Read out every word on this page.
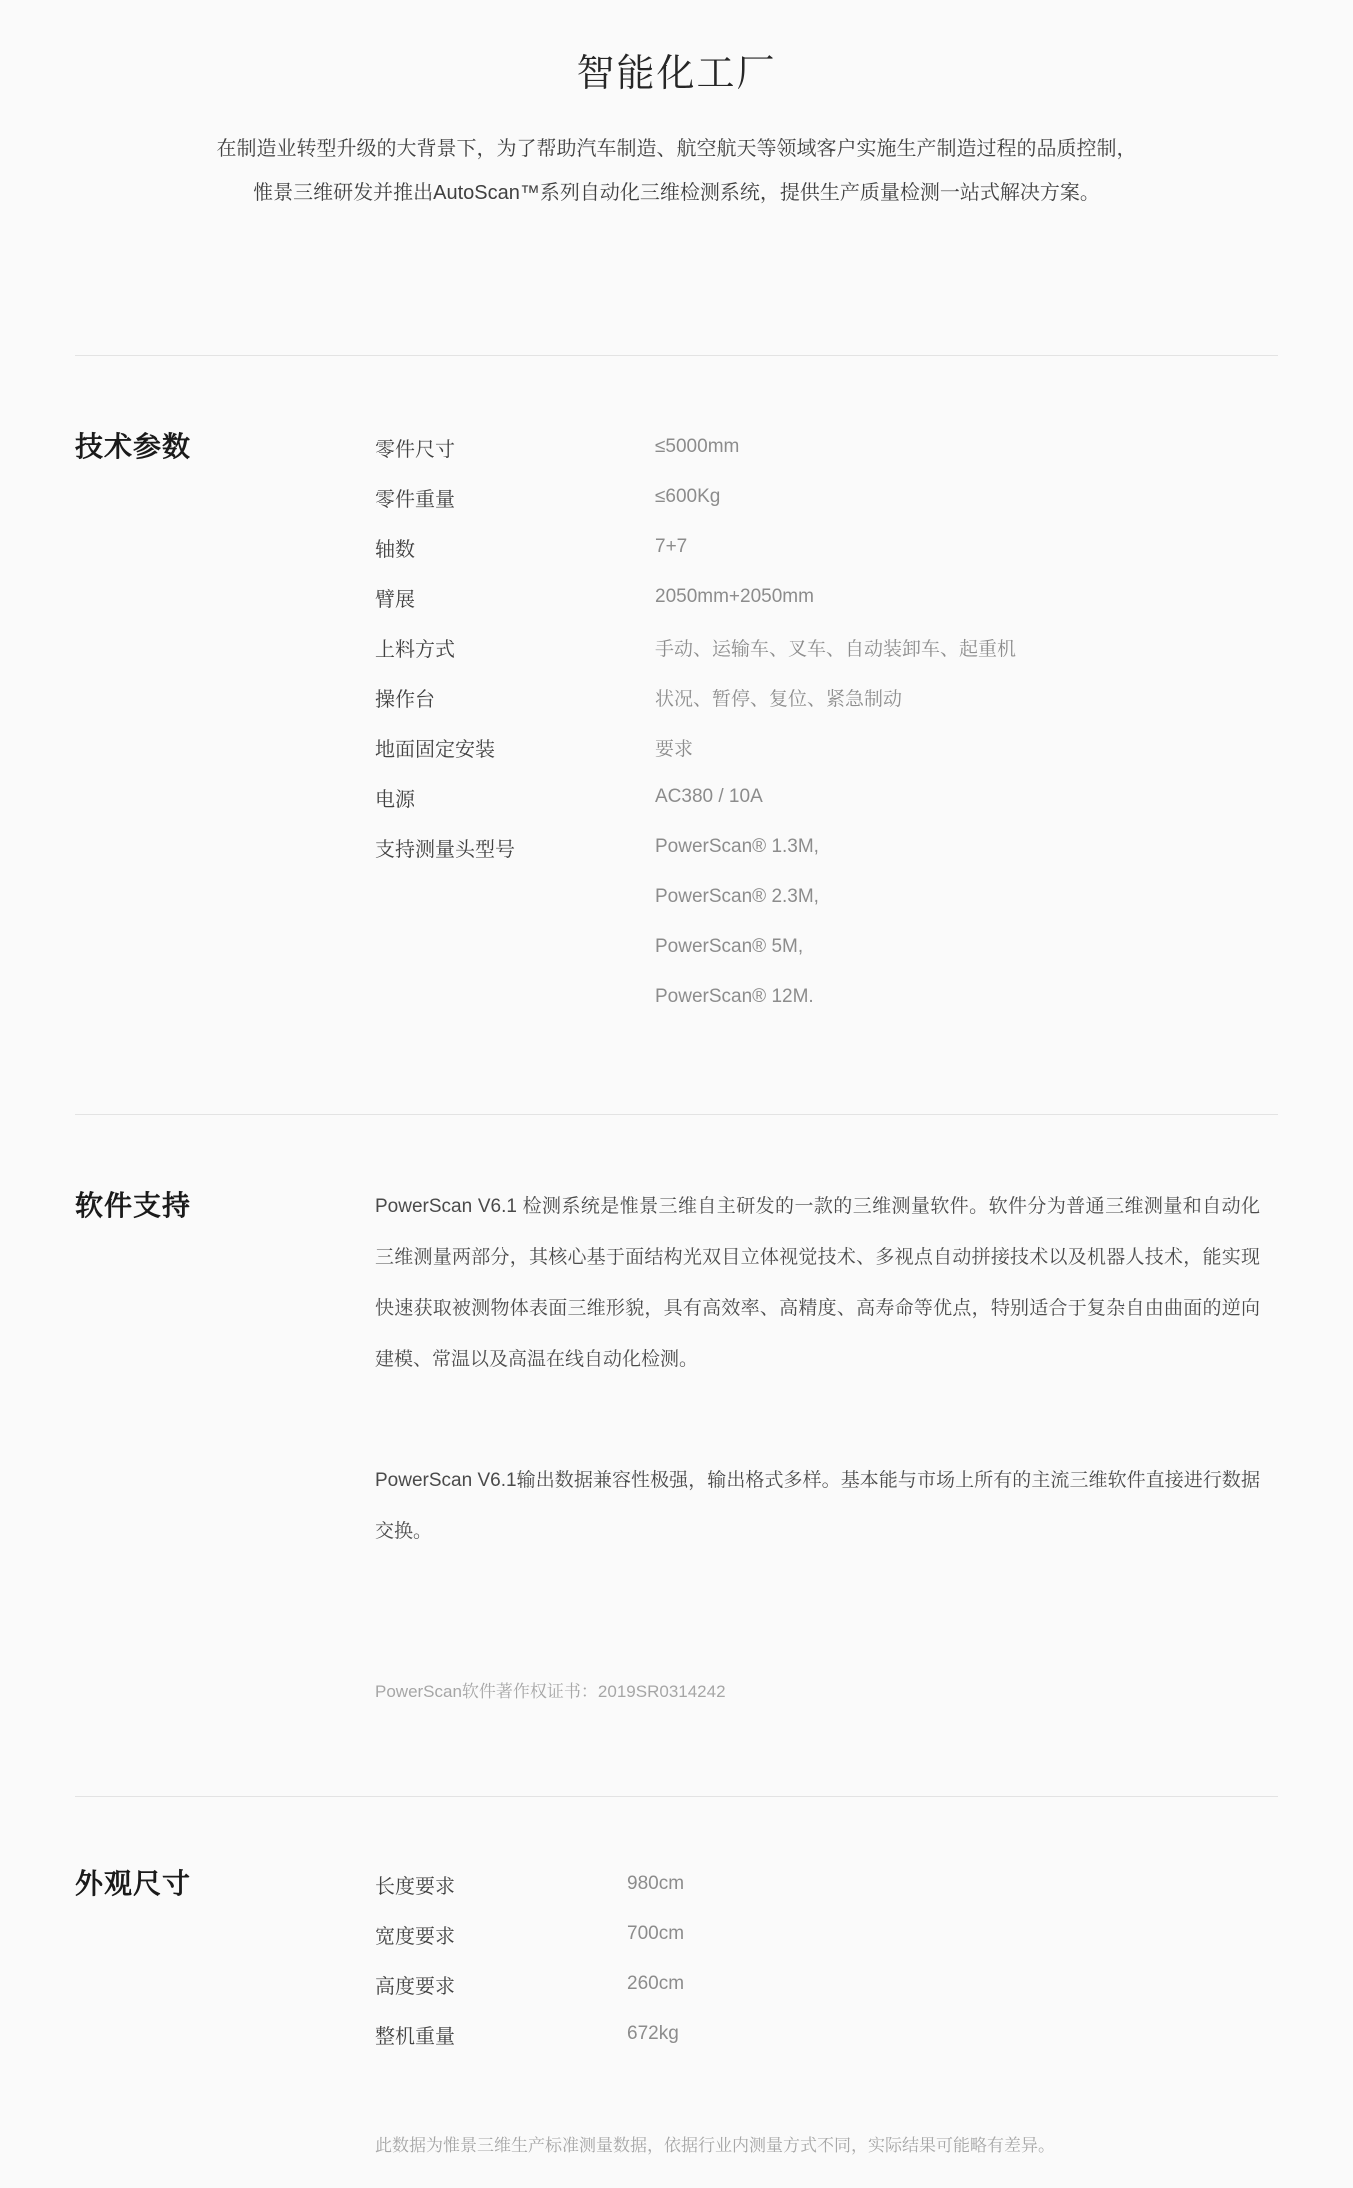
智能化工厂
在制造业转型升级的大背景下，为了帮助汽车制造、航空航天等领域客户实施生产制造过程的品质控制，
惟景三维研发并推出AutoScan™系列自动化三维检测系统，提供生产质量检测一站式解决方案。
技术参数	零件尺寸	≤5000mm
零件重量	≤600Kg
轴数	7+7
臂展	2050mm+2050mm
上料方式	手动、运输车、叉车、自动装卸车、起重机
操作台	状况、暂停、复位、紧急制动
地面固定安装	要求
电源	AC380 / 10A
支持测量头型号	PowerScan® 1.3M,
PowerScan® 2.3M,
PowerScan® 5M,
PowerScan® 12M.
软件支持	PowerScan V6.1 检测系统是惟景三维自主研发的一款的三维测量软件。软件分为普通三维测量和自动化三维测量两部分，其核心基于面结构光双目立体视觉技术、多视点自动拼接技术以及机器人技术，能实现快速获取被测物体表面三维形貌，具有高效率、高精度、高寿命等优点，特别适合于复杂自由曲面的逆向建模、常温以及高温在线自动化检测。
PowerScan V6.1输出数据兼容性极强，输出格式多样。基本能与市场上所有的主流三维软件直接进行数据交换。
PowerScan软件著作权证书：2019SR0314242
外观尺寸	长度要求	980cm
宽度要求	700cm
高度要求	260cm
整机重量	672kg
此数据为惟景三维生产标准测量数据，依据行业内测量方式不同，实际结果可能略有差异。
